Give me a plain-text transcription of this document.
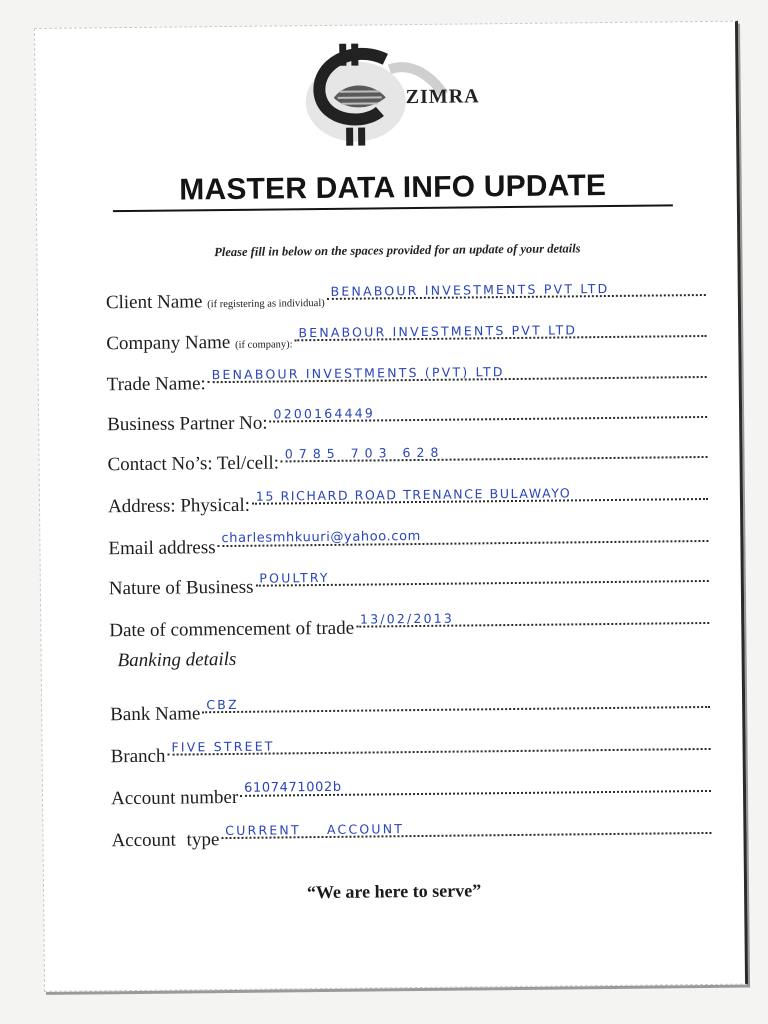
ZIMRA
MASTER DATA INFO UPDATE
Please fill in below on the spaces provided for an update of your details
Client Name (if registering as individual)
BENABOUR INVESTMENTS PVT LTD
Company Name (if company):
BENABOUR INVESTMENTS PVT LTD
Trade Name:
BENABOUR INVESTMENTS (PVT) LTD
Business Partner No: 0200164449
Contact No’s: Tel/cell: 0785 703 628
Address: Physical:
15 RICHARD ROAD TRENANCE BULAWAYO
Email address charlesmhkuuri@yahoo.com
Nature of Business POULTRY
Date of commencement of trade 13/02/2013
Banking details
Bank Name CBZ
Branch FIVE STREET
Account number 6107471002b
Account type CURRENT ACCOUNT
“We are here to serve”
